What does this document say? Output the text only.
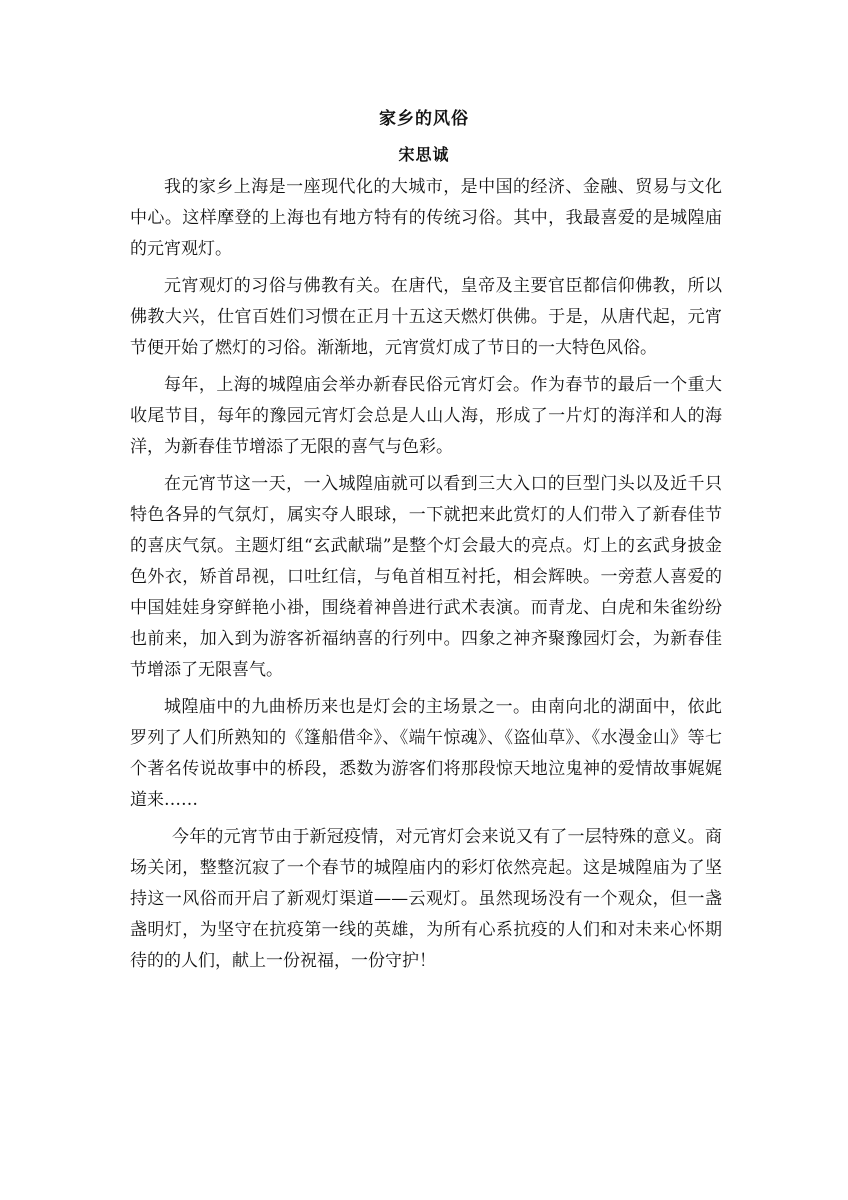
家乡的风俗
宋思诚

我的家乡上海是一座现代化的大城市，是中国的经济、金融、贸易与文化中心。这样摩登的上海也有地方特有的传统习俗。其中，我最喜爱的是城隍庙的元宵观灯。

元宵观灯的习俗与佛教有关。在唐代，皇帝及主要官臣都信仰佛教，所以佛教大兴，仕官百姓们习惯在正月十五这天燃灯供佛。于是，从唐代起，元宵节便开始了燃灯的习俗。渐渐地，元宵赏灯成了节日的一大特色风俗。

每年，上海的城隍庙会举办新春民俗元宵灯会。作为春节的最后一个重大收尾节目，每年的豫园元宵灯会总是人山人海，形成了一片灯的海洋和人的海洋，为新春佳节增添了无限的喜气与色彩。

在元宵节这一天，一入城隍庙就可以看到三大入口的巨型门头以及近千只特色各异的气氛灯，属实夺人眼球，一下就把来此赏灯的人们带入了新春佳节的喜庆气氛。主题灯组“玄武献瑞”是整个灯会最大的亮点。灯上的玄武身披金色外衣，矫首昂视，口吐红信，与龟首相互衬托，相会辉映。一旁惹人喜爱的中国娃娃身穿鲜艳小褂，围绕着神兽进行武术表演。而青龙、白虎和朱雀纷纷也前来，加入到为游客祈福纳喜的行列中。四象之神齐聚豫园灯会，为新春佳节增添了无限喜气。

城隍庙中的九曲桥历来也是灯会的主场景之一。由南向北的湖面中，依此罗列了人们所熟知的《篷船借伞》、《端午惊魂》、《盗仙草》、《水漫金山》等七个著名传说故事中的桥段，悉数为游客们将那段惊天地泣鬼神的爱情故事娓娓道来……

今年的元宵节由于新冠疫情，对元宵灯会来说又有了一层特殊的意义。商场关闭，整整沉寂了一个春节的城隍庙内的彩灯依然亮起。这是城隍庙为了坚持这一风俗而开启了新观灯渠道——云观灯。虽然现场没有一个观众，但一盏盏明灯，为坚守在抗疫第一线的英雄，为所有心系抗疫的人们和对未来心怀期待的的人们，献上一份祝福，一份守护！
